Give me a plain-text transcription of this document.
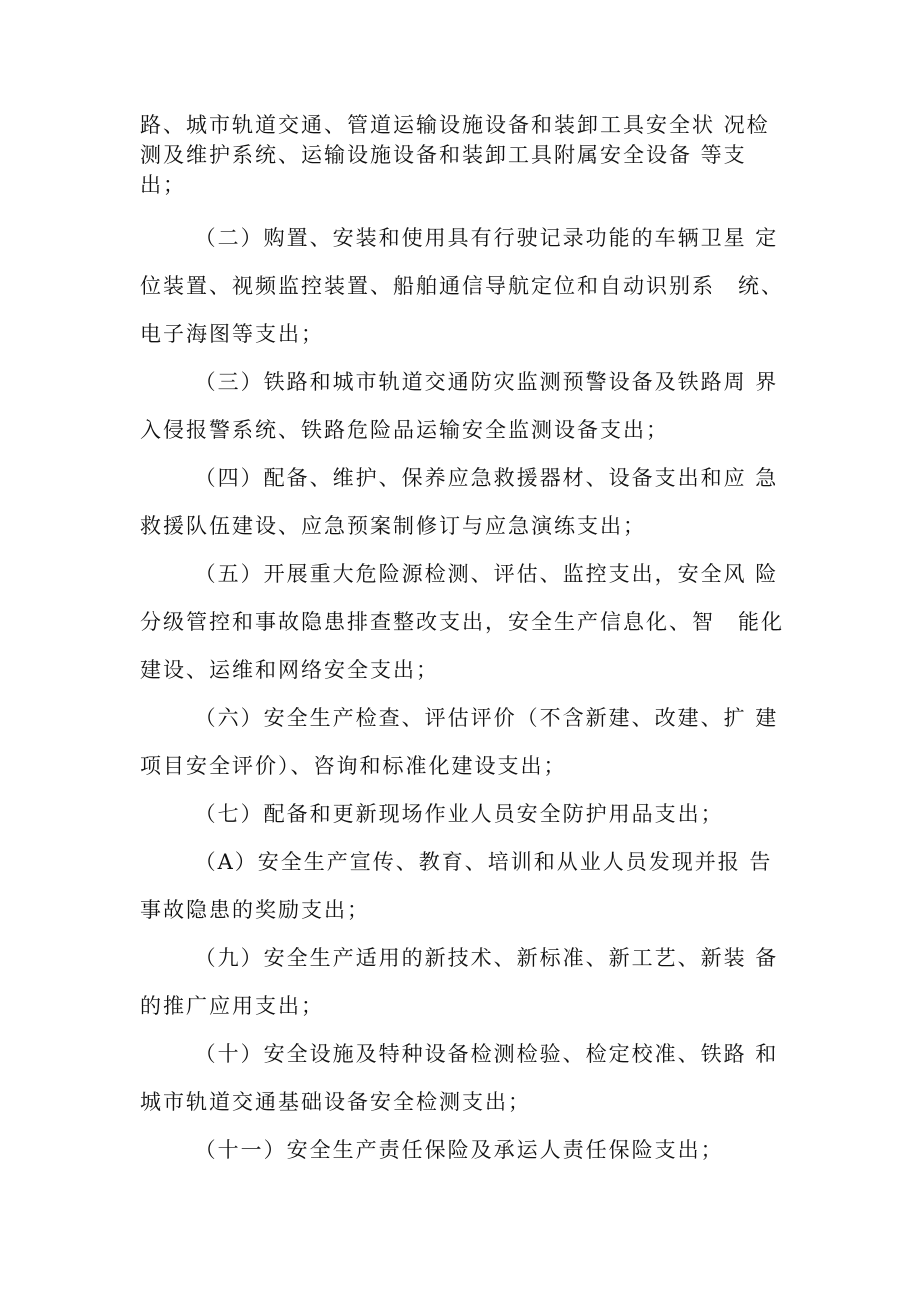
路、城市轨道交通、管道运输设施设备和装卸工具安全状 况检测及维护系统、运输设施设备和装卸工具附属安全设备 等支出；

（二）购置、安装和使用具有行驶记录功能的车辆卫星 定位装置、视频监控装置、船舶通信导航定位和自动识别系　统、电子海图等支出；

（三）铁路和城市轨道交通防灾监测预警设备及铁路周 界入侵报警系统、铁路危险品运输安全监测设备支出；

（四）配备、维护、保养应急救援器材、设备支出和应 急救援队伍建设、应急预案制修订与应急演练支出；

（五）开展重大危险源检测、评估、监控支出，安全风 险分级管控和事故隐患排查整改支出，安全生产信息化、智　能化建设、运维和网络安全支出；

（六）安全生产检查、评估评价（不含新建、改建、扩 建项目安全评价）、咨询和标准化建设支出；

（七）配备和更新现场作业人员安全防护用品支出；

（A）安全生产宣传、教育、培训和从业人员发现并报 告事故隐患的奖励支出；

（九）安全生产适用的新技术、新标准、新工艺、新装 备的推广应用支出；

（十）安全设施及特种设备检测检验、检定校准、铁路 和城市轨道交通基础设备安全检测支出；

（十一）安全生产责任保险及承运人责任保险支出；
